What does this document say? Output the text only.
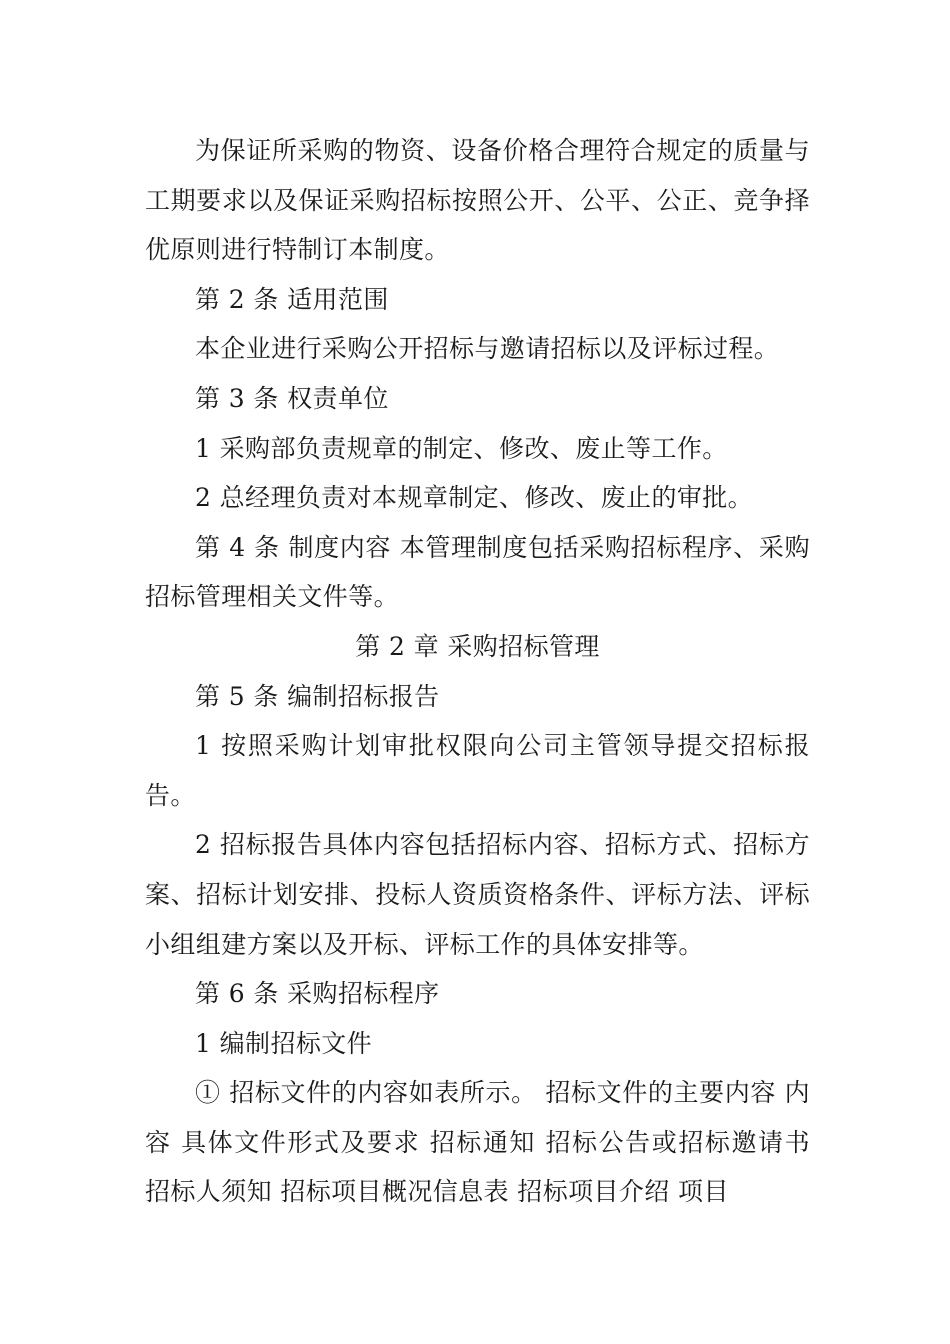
为保证所采购的物资、设备价格合理符合规定的质量与工期要求以及保证采购招标按照公开、公平、公正、竞争择优原则进行特制订本制度。

第 2 条 适用范围

本企业进行采购公开招标与邀请招标以及评标过程。

第 3 条 权责单位

1 采购部负责规章的制定、修改、废止等工作。

2 总经理负责对本规章制定、修改、废止的审批。

第 4 条 制度内容 本管理制度包括采购招标程序、采购招标管理相关文件等。

第 2 章 采购招标管理

第 5 条 编制招标报告

1 按照采购计划审批权限向公司主管领导提交招标报告。

2 招标报告具体内容包括招标内容、招标方式、招标方案、招标计划安排、投标人资质资格条件、评标方法、评标小组组建方案以及开标、评标工作的具体安排等。

第 6 条 采购招标程序

1 编制招标文件

① 招标文件的内容如表所示。 招标文件的主要内容 内容 具体文件形式及要求 招标通知 招标公告或招标邀请书 招标人须知 招标项目概况信息表 招标项目介绍 项目
